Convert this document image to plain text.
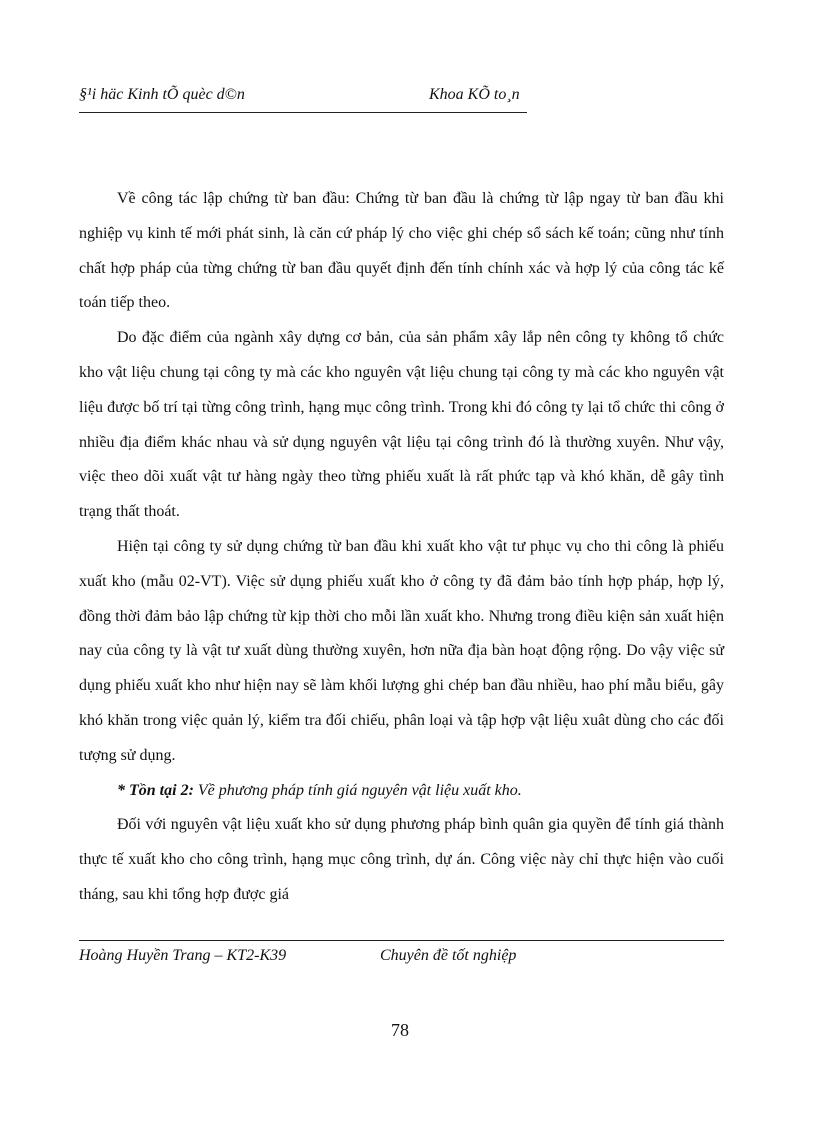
§¹i häc Kinh tÕ quèc d©n	Khoa KÕ to¸n

Về công tác lập chứng từ ban đầu: Chứng từ ban đầu là chứng từ lập ngay từ ban đầu khi nghiệp vụ kinh tế mới phát sinh, là căn cứ pháp lý cho việc ghi chép sổ sách kế toán; cũng như tính chất hợp pháp của từng chứng từ ban đầu quyết định đến tính chính xác và hợp lý của công tác kế toán tiếp theo.

Do đặc điểm của ngành xây dựng cơ bản, của sản phẩm xây lắp nên công ty không tổ chức kho vật liệu chung tại công ty mà các kho nguyên vật liệu chung tại công ty mà các kho nguyên vật liệu được bố trí tại từng công trình, hạng mục công trình. Trong khi đó công ty lại tổ chức thi công ở nhiều địa điểm khác nhau và sử dụng nguyên vật liệu tại công trình đó là thường xuyên. Như vậy, việc theo dõi xuất vật tư hàng ngày theo từng phiếu xuất là rất phức tạp và khó khăn, dễ gây tình trạng thất thoát.

Hiện tại công ty sử dụng chứng từ ban đầu khi xuất kho vật tư phục vụ cho thi công là phiếu xuất kho (mẫu 02-VT). Việc sử dụng phiếu xuất kho ở công ty đã đảm bảo tính hợp pháp, hợp lý, đồng thời đảm bảo lập chứng từ kịp thời cho mỗi lần xuất kho. Nhưng trong điều kiện sản xuất hiện nay của công ty là vật tư xuất dùng thường xuyên, hơn nữa địa bàn hoạt động rộng. Do vậy việc sử dụng phiếu xuất kho như hiện nay sẽ làm khối lượng ghi chép ban đầu nhiều, hao phí mẫu biểu, gây khó khăn trong việc quản lý, kiểm tra đối chiếu, phân loại và tập hợp vật liệu xuât dùng cho các đối tượng sử dụng.

* Tồn tại 2: Về phương pháp tính giá nguyên vật liệu xuất kho.

Đối với nguyên vật liệu xuất kho sử dụng phương pháp bình quân gia quyền để tính giá thành thực tế xuất kho cho công trình, hạng mục công trình, dự án. Công việc này chỉ thực hiện vào cuối tháng, sau khi tổng hợp được giá

Hoàng Huyền Trang – KT2-K39	Chuyên đề tốt nghiệp
78
